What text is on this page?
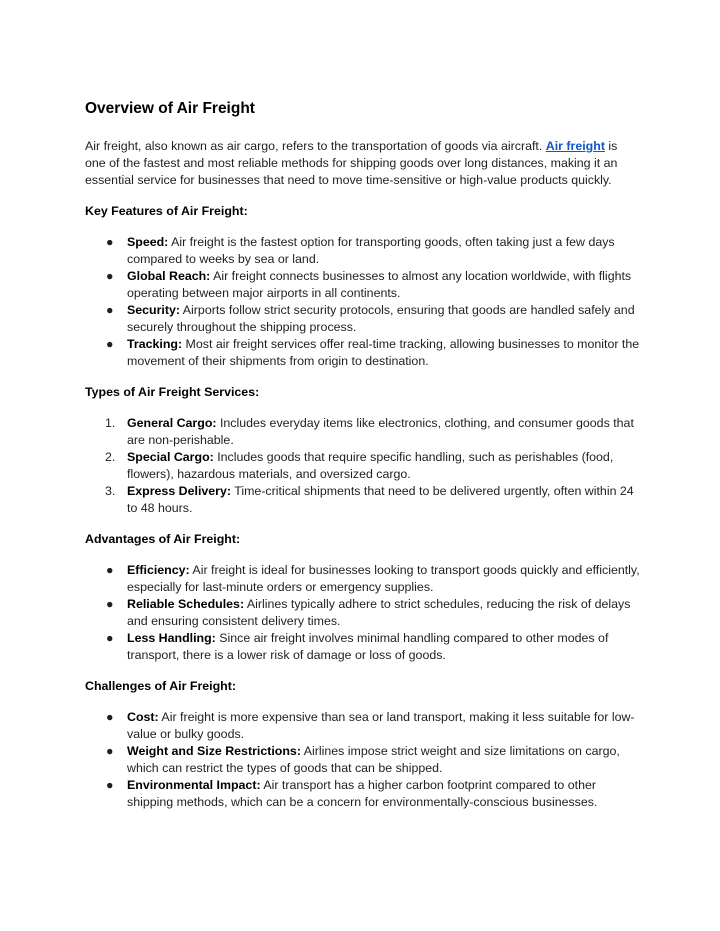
Overview of Air Freight

Air freight, also known as air cargo, refers to the transportation of goods via aircraft. Air freight is one of the fastest and most reliable methods for shipping goods over long distances, making it an essential service for businesses that need to move time-sensitive or high-value products quickly.

Key Features of Air Freight:
●	Speed: Air freight is the fastest option for transporting goods, often taking just a few days compared to weeks by sea or land.
●	Global Reach: Air freight connects businesses to almost any location worldwide, with flights operating between major airports in all continents.
●	Security: Airports follow strict security protocols, ensuring that goods are handled safely and securely throughout the shipping process.
●	Tracking: Most air freight services offer real-time tracking, allowing businesses to monitor the movement of their shipments from origin to destination.
Types of Air Freight Services:
1. General Cargo: Includes everyday items like electronics, clothing, and consumer goods that are non-perishable.
2. Special Cargo: Includes goods that require specific handling, such as perishables (food, flowers), hazardous materials, and oversized cargo.
3. Express Delivery: Time-critical shipments that need to be delivered urgently, often within 24 to 48 hours.
Advantages of Air Freight:
●	Efficiency: Air freight is ideal for businesses looking to transport goods quickly and efficiently, especially for last-minute orders or emergency supplies.
●	Reliable Schedules: Airlines typically adhere to strict schedules, reducing the risk of delays and ensuring consistent delivery times.
●	Less Handling: Since air freight involves minimal handling compared to other modes of transport, there is a lower risk of damage or loss of goods.
Challenges of Air Freight:
●	Cost: Air freight is more expensive than sea or land transport, making it less suitable for low-value or bulky goods.
●	Weight and Size Restrictions: Airlines impose strict weight and size limitations on cargo, which can restrict the types of goods that can be shipped.
●	Environmental Impact: Air transport has a higher carbon footprint compared to other shipping methods, which can be a concern for environmentally-conscious businesses.
